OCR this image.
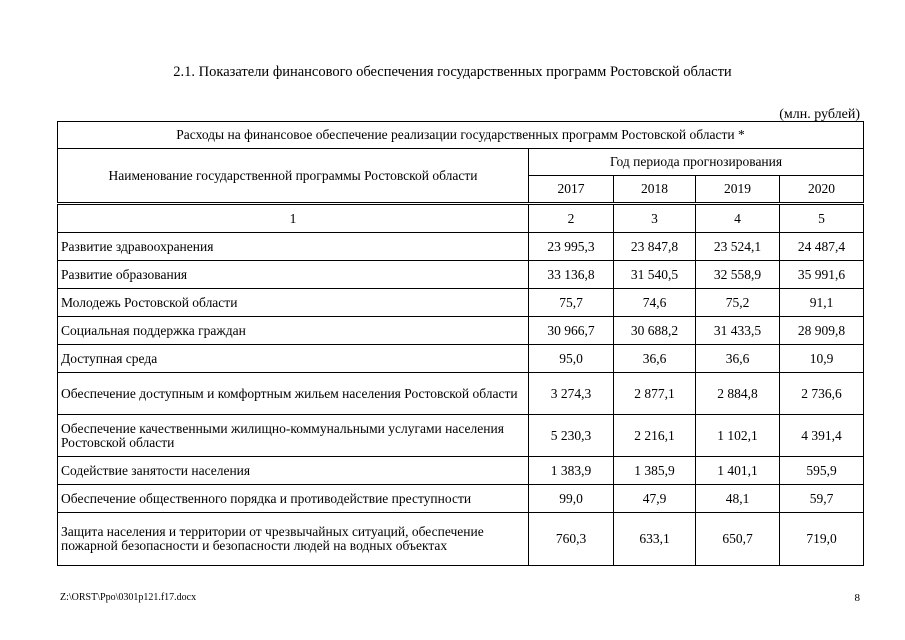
2.1. Показатели финансового обеспечения государственных программ Ростовской области
(млн. рублей)
Расходы на финансовое обеспечение реализации государственных программ Ростовской области *				
Наименование государственной программы Ростовской области	Год периода прогнозирования			
	2017	2018	2019	2020
1	2	3	4	5
Развитие здравоохранения	23 995,3	23 847,8	23 524,1	24 487,4
Развитие образования	33 136,8	31 540,5	32 558,9	35 991,6
Молодежь Ростовской области	75,7	74,6	75,2	91,1
Социальная поддержка граждан	30 966,7	30 688,2	31 433,5	28 909,8
Доступная среда	95,0	36,6	36,6	10,9
Обеспечение доступным и комфортным жильем населения Ростовской области	3 274,3	2 877,1	2 884,8	2 736,6
Обеспечение качественными жилищно-коммунальными услугами населения Ростовской области	5 230,3	2 216,1	1 102,1	4 391,4
Содействие занятости населения	1 383,9	1 385,9	1 401,1	595,9
Обеспечение общественного порядка и противодействие преступности	99,0	47,9	48,1	59,7
Защита населения и территории от чрезвычайных ситуаций, обеспечение пожарной безопасности и безопасности людей на водных объектах	760,3	633,1	650,7	719,0
Z:\ORST\Ppo\0301p121.f17.docx	8
